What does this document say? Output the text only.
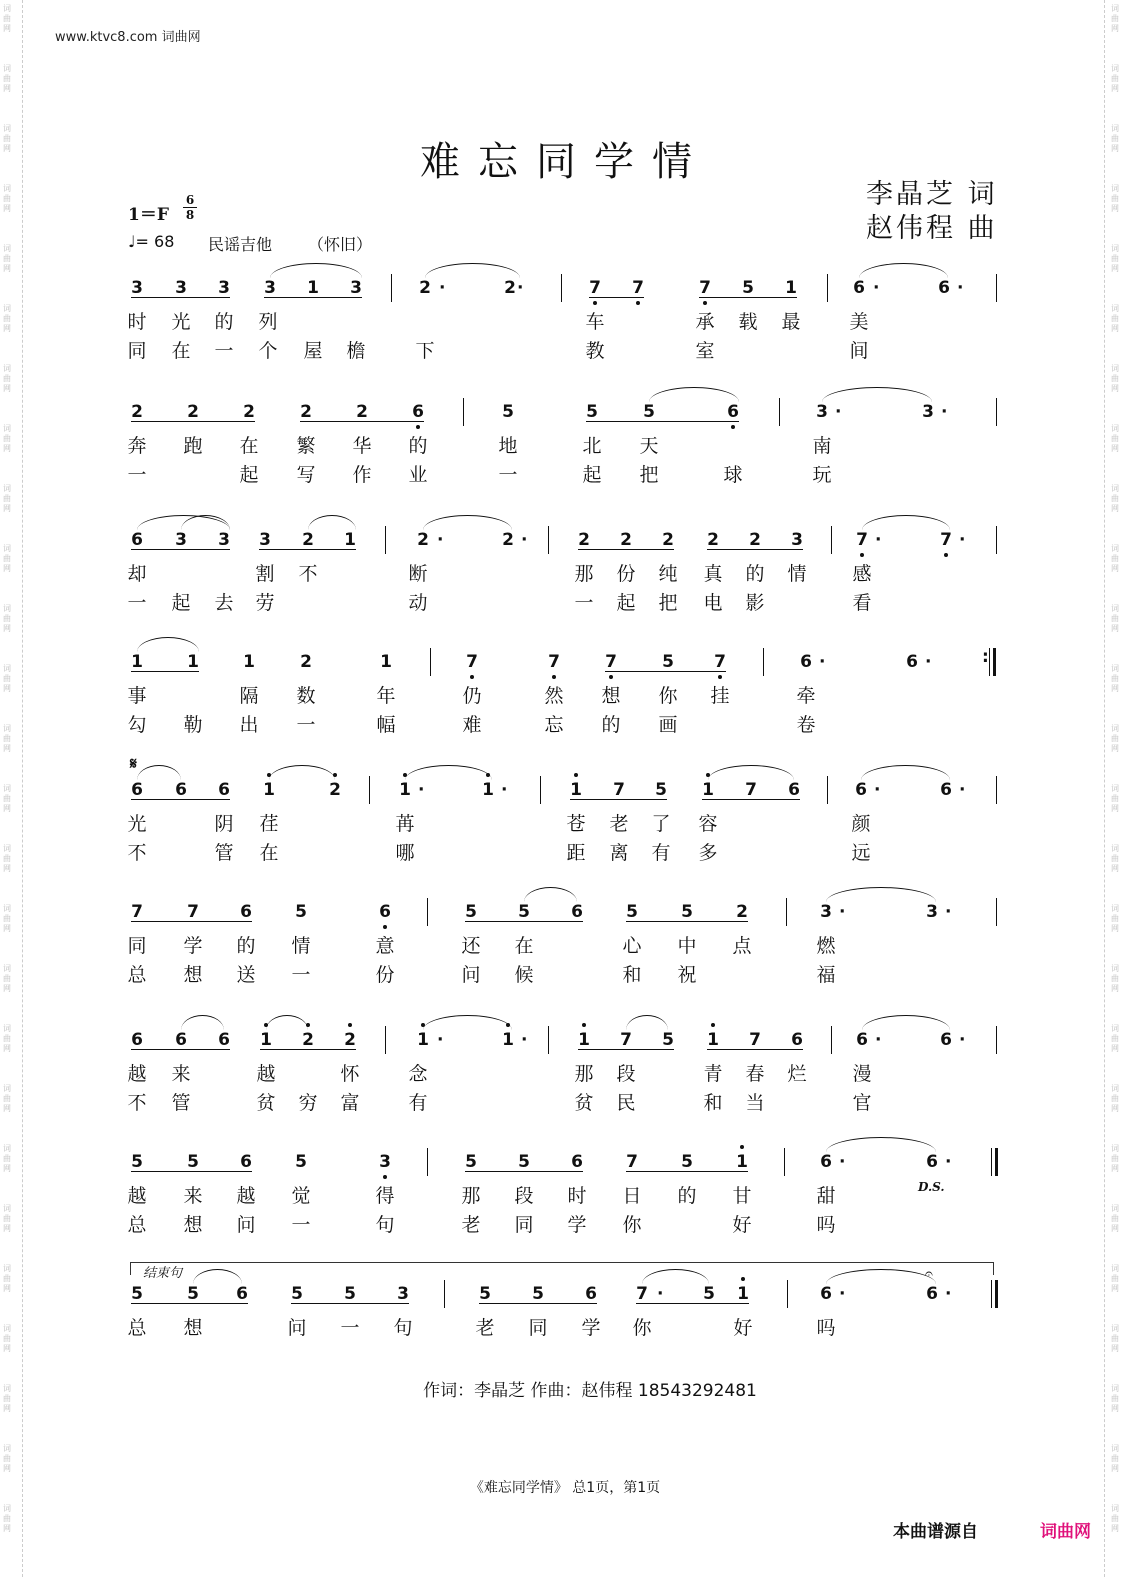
词
曲
网
词
曲
网
词
曲
网
词
曲
网
词
曲
网
词
曲
网
词
曲
网
词
曲
网
词
曲
网
词
曲
网
词
曲
网
词
曲
网
词
曲
网
词
曲
网
词
曲
网
词
曲
网
词
曲
网
词
曲
网
词
曲
网
词
曲
网
词
曲
网
词
曲
网
词
曲
网
词
曲
网
词
曲
网
词
曲
网
词
曲
网
词
曲
网
词
曲
网
词
曲
网
词
曲
网
词
曲
网
词
曲
网
词
曲
网
词
曲
网
词
曲
网
词
曲
网
词
曲
网
词
曲
网
词
曲
网
词
曲
网
词
曲
网
词
曲
网
词
曲
网
词
曲
网
词
曲
网
词
曲
网
词
曲
网
词
曲
网
词
曲
网
词
曲
网
词
曲
网
www.ktvc8.com 词曲网
难忘同学情
李晶芝 词
赵伟程 曲
1＝F
6
8
♩= 68 民谣吉他 （怀旧）
3 3 3 3 1 3	2	2	7 7	7 5 1	6	6
·	·	·	·
时 光 的 列	车	承 载 最	美
同 在 一 个 屋 檐	下	教	室	间
2	2	2	2	2	6	5	5	5	6	3	3
·	·
奔 跑 在 繁 华 的	地	北 天	南
一	起 写 作 业	一	起 把	球	玩
6 3 3 3 2 1	2	2	2 2 2 2 2 3	7	7
·	·	·	·
却	割 不	断	那 份 纯 真 的 情 感
一 起 去 劳	动	一 起 把 电 影	看
1	1	1	2	1	7	7	7	5 7	6	6
·	·	:
事	隔 数	年	仍	然 想 你 挂	牵
勾 勒 出 一	幅	难	忘 的 画	卷
6 6 6 1	2	1	1	1 7 5 1 7 6	6	6
·	·	·	·
光	阴 荏	苒	苍 老 了 容	颜
不	管 在	哪	距 离 有 多	远
7	7 6	5	6	5 5 6	5	5	2	3	3
·	·
同 学 的 情	意	还 在	心 中 点	燃
总 想 送 一	份	问 候	和 祝	福
6 6 6 1 2 2	1	1	1 7 5 1 7 6	6	6
·	·	·	·
越 来	越	怀	念	那 段	青 春 烂 漫
不 管	贫 穷 富	有	贫 民	和 当	官
5	5 6	5	3	5 5 6	7	5	1	6	6
·	·
越 来 越 觉	得	那 段 时 日 的 甘	甜
总 想 问 一	句	老 同 学 你	好	吗
5	5 6	5 5 3	5 5 6 7	5 1	6	6
·	·	·
总 想	问 一 句	老 同 学 你	好	吗
𝄋
D.S.
结束句	𝄐
作词：李晶芝 作曲：赵伟程 18543292481
《难忘同学情》 总1页，第1页
本曲谱源自	词曲网
